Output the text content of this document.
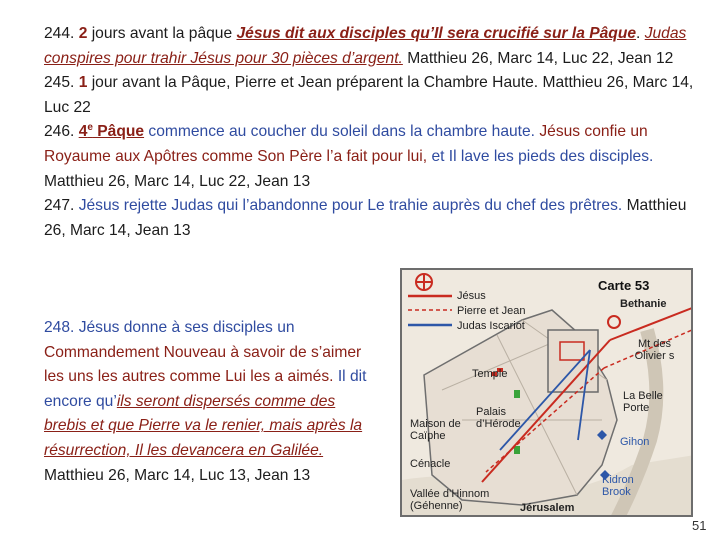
244. 2 jours avant la pâque Jésus dit aux disciples qu’Il sera crucifié sur la Pâque. Judas conspires pour trahir Jésus pour 30 pièces d’argent. Matthieu 26, Marc 14, Luc 22, Jean 12

245. 1 jour avant la Pâque, Pierre et Jean préparent la Chambre Haute. Matthieu 26, Marc 14, Luc 22

246. 4e Pâque commence au coucher du soleil dans la chambre haute. Jésus confie un Royaume aux Apôtres comme Son Père l’a fait pour lui, et Il lave les pieds des disciples. Matthieu 26, Marc 14, Luc 22, Jean 13

247. Jésus rejette Judas qui l’abandonne pour Le trahie auprès du chef des prêtres. Matthieu 26, Marc 14, Jean 13

248. Jésus donne à ses disciples un Commandement Nouveau à savoir de s’aimer les uns les autres comme Lui les a aimés. Il dit encore qu’ils seront dispersés comme des brebis et que Pierre va le renier, mais après la résurrection, Il les devancera en Galilée. Matthieu 26, Marc 14, Luc 13, Jean 13
Carte 53
Jésus
Pierre et Jean
Judas Iscariot
Bethanie
Mt des Olivier s
Temple
La Belle Porte
Palais d’Hérode
Maison de Caïphe	Gihon
Cénacle
Kidron Brook
Vallée d’Hinnom (Géhenne)	Jérusalem
51
